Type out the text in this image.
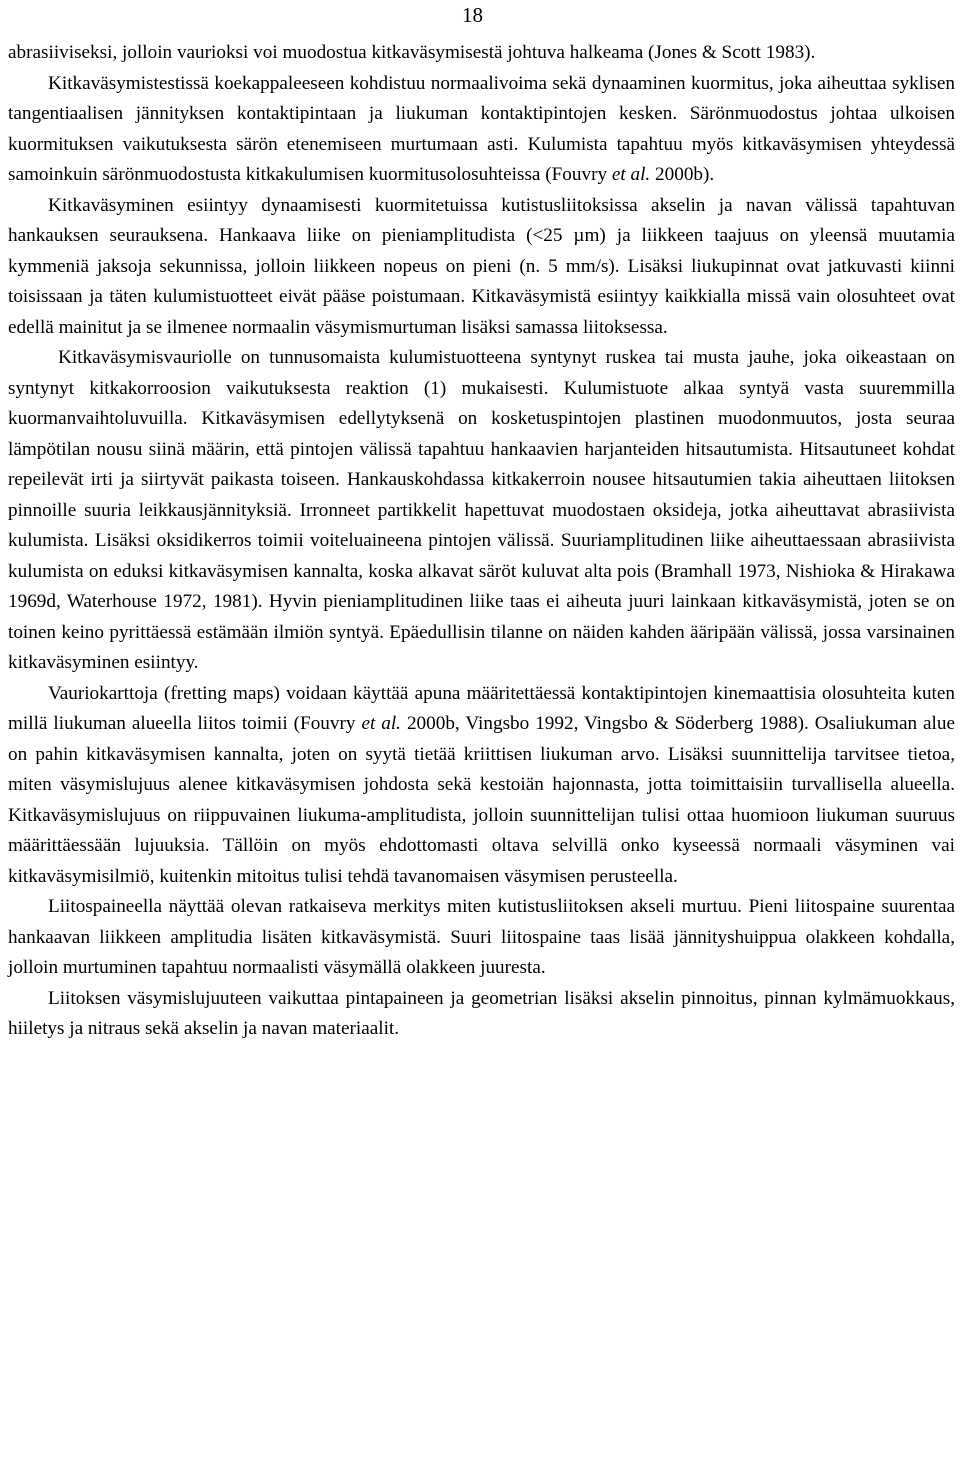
18

abrasiiviseksi, jolloin vaurioksi voi muodostua kitkaväsymisestä johtuva halkeama (Jones & Scott 1983).

Kitkaväsymistestissä koekappaleeseen kohdistuu normaalivoima sekä dynaaminen kuormitus, joka aiheuttaa syklisen tangentiaalisen jännityksen kontaktipintaan ja liukuman kontaktipintojen kesken. Särönmuodostus johtaa ulkoisen kuormituksen vaikutuksesta särön etenemiseen murtumaan asti. Kulumista tapahtuu myös kitkaväsymisen yhteydessä samoinkuin särönmuodostusta kitkakulumisen kuormitusolosuhteissa (Fouvry et al. 2000b).

Kitkaväsyminen esiintyy dynaamisesti kuormitetuissa kutistusliitoksissa akselin ja navan välissä tapahtuvan hankauksen seurauksena. Hankaava liike on pieniamplitudista (<25 µm) ja liikkeen taajuus on yleensä muutamia kymmeniä jaksoja sekunnissa, jolloin liikkeen nopeus on pieni (n. 5 mm/s). Lisäksi liukupinnat ovat jatkuvasti kiinni toisissaan ja täten kulumistuotteet eivät pääse poistumaan. Kitkaväsymistä esiintyy kaikkialla missä vain olosuhteet ovat edellä mainitut ja se ilmenee normaalin väsymismurtuman lisäksi samassa liitoksessa.

Kitkaväsymisvauriolle on tunnusomaista kulumistuotteena syntynyt ruskea tai musta jauhe, joka oikeastaan on syntynyt kitkakorroosion vaikutuksesta reaktion (1) mukaisesti. Kulumistuote alkaa syntyä vasta suuremmilla kuormanvaihtoluvuilla. Kitkaväsymisen edellytyksenä on kosketuspintojen plastinen muodonmuutos, josta seuraa lämpötilan nousu siinä määrin, että pintojen välissä tapahtuu hankaavien harjanteiden hitsautumista. Hitsautuneet kohdat repeilevät irti ja siirtyvät paikasta toiseen. Hankauskohdassa kitkakerroin nousee hitsautumien takia aiheuttaen liitoksen pinnoille suuria leikkausjännityksiä. Irronneet partikkelit hapettuvat muodostaen oksideja, jotka aiheuttavat abrasiivista kulumista. Lisäksi oksidikerros toimii voiteluaineena pintojen välissä. Suuriamplitudinen liike aiheuttaessaan abrasiivista kulumista on eduksi kitkaväsymisen kannalta, koska alkavat säröt kuluvat alta pois (Bramhall 1973, Nishioka & Hirakawa 1969d, Waterhouse 1972, 1981). Hyvin pieniamplitudinen liike taas ei aiheuta juuri lainkaan kitkaväsymistä, joten se on toinen keino pyrittäessä estämään ilmiön syntyä. Epäedullisin tilanne on näiden kahden ääripään välissä, jossa varsinainen kitkaväsyminen esiintyy.

Vauriokarttoja (fretting maps) voidaan käyttää apuna määritettäessä kontaktipintojen kinemaattisia olosuhteita kuten millä liukuman alueella liitos toimii (Fouvry et al. 2000b, Vingsbo 1992, Vingsbo & Söderberg 1988). Osaliukuman alue on pahin kitkaväsymisen kannalta, joten on syytä tietää kriittisen liukuman arvo. Lisäksi suunnittelija tarvitsee tietoa, miten väsymislujuus alenee kitkaväsymisen johdosta sekä kestoiän hajonnasta, jotta toimittaisiin turvallisella alueella. Kitkaväsymislujuus on riippuvainen liukuma-amplitudista, jolloin suunnittelijan tulisi ottaa huomioon liukuman suuruus määrittäessään lujuuksia. Tällöin on myös ehdottomasti oltava selvillä onko kyseessä normaali väsyminen vai kitkaväsymisilmiö, kuitenkin mitoitus tulisi tehdä tavanomaisen väsymisen perusteella.

Liitospaineella näyttää olevan ratkaiseva merkitys miten kutistusliitoksen akseli murtuu. Pieni liitospaine suurentaa hankaavan liikkeen amplitudia lisäten kitkaväsymistä. Suuri liitospaine taas lisää jännityshuippua olakkeen kohdalla, jolloin murtuminen tapahtuu normaalisti väsymällä olakkeen juuresta.

Liitoksen väsymislujuuteen vaikuttaa pintapaineen ja geometrian lisäksi akselin pinnoitus, pinnan kylmämuokkaus, hiiletys ja nitraus sekä akselin ja navan materiaalit.
